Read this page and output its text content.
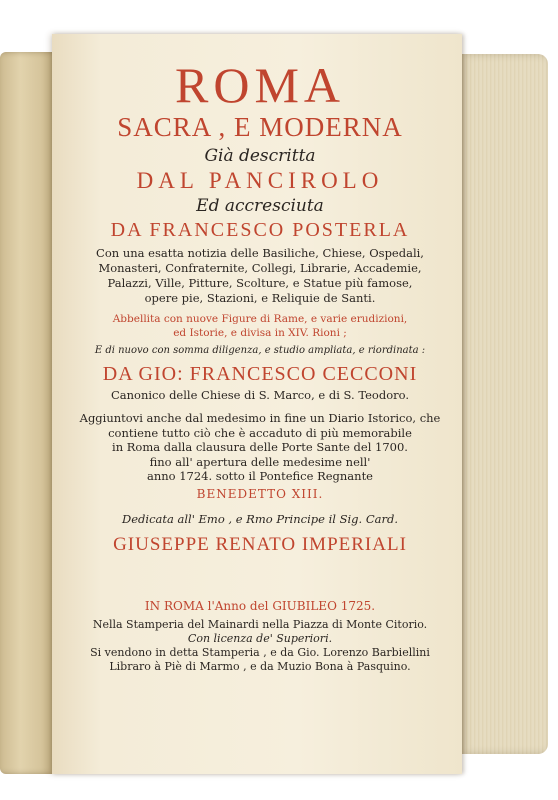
ROMA
SACRA , E MODERNA
Già descritta
DAL PANCIROLO
Ed accresciuta
DA FRANCESCO POSTERLA
Con una esatta notizia delle Basiliche, Chiese, Ospedali,
Monasteri, Confraternite, Collegi, Librarie, Accademie,
Palazzi, Ville, Pitture, Scolture, e Statue più famose,
opere pie, Stazioni, e Reliquie de Santi.
Abbellita con nuove Figure di Rame, e varie erudizioni,
ed Istorie, e divisa in XIV. Rioni ;
E di nuovo con somma diligenza, e studio ampliata, e riordinata :
DA GIO: FRANCESCO CECCONI
Canonico delle Chiese di S. Marco, e di S. Teodoro.
Aggiuntovi anche dal medesimo in fine un Diario Istorico, che
contiene tutto ciò che è accaduto di più memorabile
in Roma dalla clausura delle Porte Sante del 1700.
fino all' apertura delle medesime nell'
anno 1724. sotto il Pontefice Regnante
BENEDETTO XIII.
Dedicata all' Emo , e Rmo Principe il Sig. Card.
GIUSEPPE RENATO IMPERIALI
IN ROMA l'Anno del GIUBILEO 1725.
Nella Stamperia del Mainardi nella Piazza di Monte Citorio.
Con licenza de' Superiori.
Si vendono in detta Stamperia , e da Gio. Lorenzo Barbiellini
Libraro à Piè di Marmo , e da Muzio Bona à Pasquino.
